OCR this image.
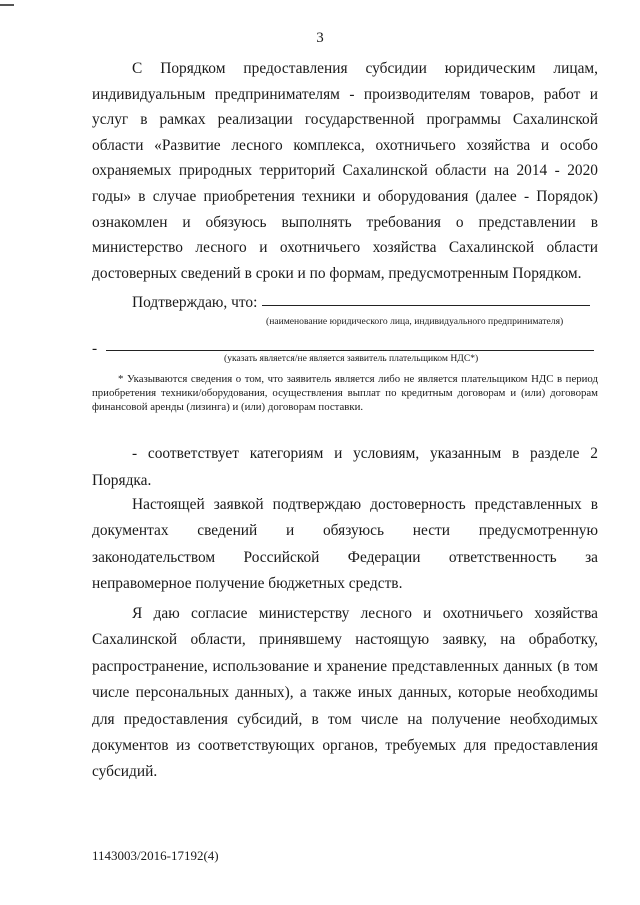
3

С Порядком предоставления субсидии юридическим лицам, индивидуальным предпринимателям - производителям товаров, работ и услуг в рамках реализации государственной программы Сахалинской области «Развитие лесного комплекса, охотничьего хозяйства и особо охраняемых природных территорий Сахалинской области на 2014 - 2020 годы» в случае приобретения техники и оборудования (далее - Порядок) ознакомлен и обязуюсь выполнять требования о представлении в министерство лесного и охотничьего хозяйства Сахалинской области достоверных сведений в сроки и по формам, предусмотренным Порядком.

Подтверждаю, что:

(наименование юридического лица, индивидуального предпринимателя)

-

(указать является/не является заявитель плательщиком НДС*)

* Указываются сведения о том, что заявитель является либо не является плательщиком НДС в период приобретения техники/оборудования, осуществления выплат по кредитным договорам и (или) договорам финансовой аренды (лизинга) и (или) договорам поставки.

- соответствует категориям и условиям, указанным в разделе 2 Порядка.

Настоящей заявкой подтверждаю достоверность представленных в документах сведений и обязуюсь нести предусмотренную законодательством Российской Федерации ответственность за неправомерное получение бюджетных средств.

Я даю согласие министерству лесного и охотничьего хозяйства Сахалинской области, принявшему настоящую заявку, на обработку, распространение, использование и хранение представленных данных (в том числе персональных данных), а также иных данных, которые необходимы для предоставления субсидий, в том числе на получение необходимых документов из соответствующих органов, требуемых для предоставления субсидий.

1143003/2016-17192(4)
